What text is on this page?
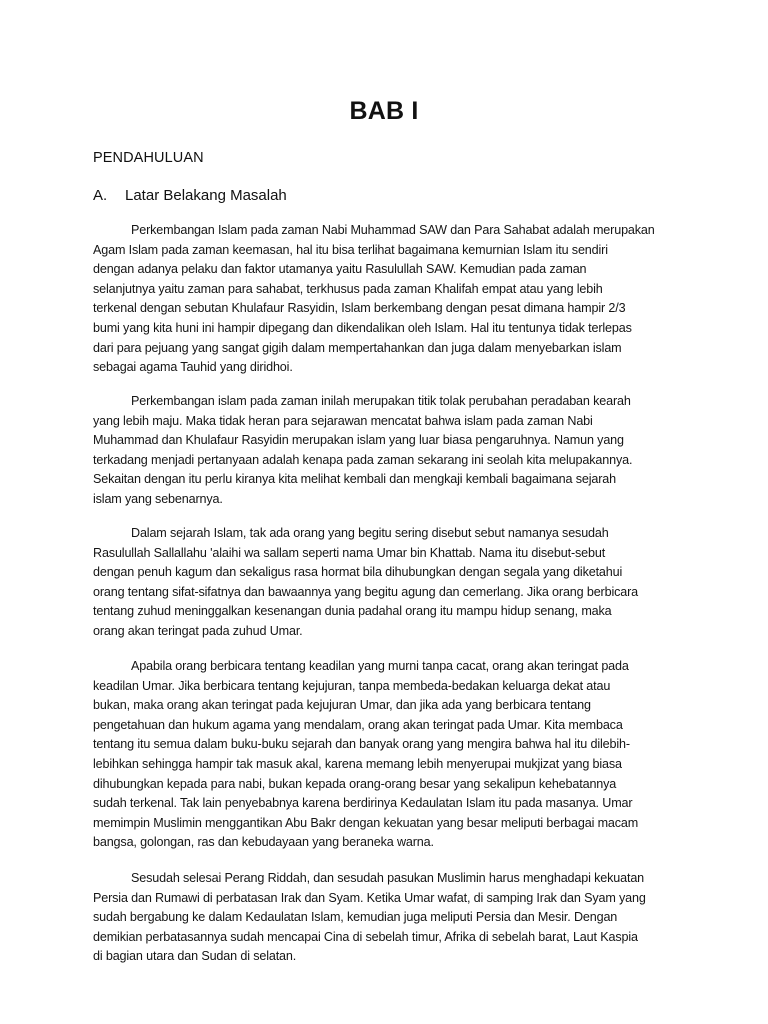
BAB I
PENDAHULUAN
A. Latar Belakang Masalah
Perkembangan Islam pada zaman Nabi Muhammad SAW dan Para Sahabat adalah merupakan
Agam Islam pada zaman keemasan, hal itu bisa terlihat bagaimana kemurnian Islam itu sendiri
dengan adanya pelaku dan faktor utamanya yaitu Rasulullah SAW. Kemudian pada zaman
selanjutnya yaitu zaman para sahabat, terkhusus pada zaman Khalifah empat atau yang lebih
terkenal dengan sebutan Khulafaur Rasyidin, Islam berkembang dengan pesat dimana hampir 2/3
bumi yang kita huni ini hampir dipegang dan dikendalikan oleh Islam. Hal itu tentunya tidak terlepas
dari para pejuang yang sangat gigih dalam mempertahankan dan juga dalam menyebarkan islam
sebagai agama Tauhid yang diridhoi.
Perkembangan islam pada zaman inilah merupakan titik tolak perubahan peradaban kearah
yang lebih maju. Maka tidak heran para sejarawan mencatat bahwa islam pada zaman Nabi
Muhammad dan Khulafaur Rasyidin merupakan islam yang luar biasa pengaruhnya. Namun yang
terkadang menjadi pertanyaan adalah kenapa pada zaman sekarang ini seolah kita melupakannya.
Sekaitan dengan itu perlu kiranya kita melihat kembali dan mengkaji kembali bagaimana sejarah
islam yang sebenarnya.
Dalam sejarah Islam, tak ada orang yang begitu sering disebut sebut namanya sesudah
Rasulullah Sallallahu 'alaihi wa sallam seperti nama Umar bin Khattab. Nama itu disebut-sebut
dengan penuh kagum dan sekaligus rasa hormat bila dihubungkan dengan segala yang diketahui
orang tentang sifat-sifatnya dan bawaannya yang begitu agung dan cemerlang. Jika orang berbicara
tentang zuhud meninggalkan kesenangan dunia padahal orang itu mampu hidup senang, maka
orang akan teringat pada zuhud Umar.
Apabila orang berbicara tentang keadilan yang murni tanpa cacat, orang akan teringat pada
keadilan Umar. Jika berbicara tentang kejujuran, tanpa membeda-bedakan keluarga dekat atau
bukan, maka orang akan teringat pada kejujuran Umar, dan jika ada yang berbicara tentang
pengetahuan dan hukum agama yang mendalam, orang akan teringat pada Umar. Kita membaca
tentang itu semua dalam buku-buku sejarah dan banyak orang yang mengira bahwa hal itu dilebih-
lebihkan sehingga hampir tak masuk akal, karena memang lebih menyerupai mukjizat yang biasa
dihubungkan kepada para nabi, bukan kepada orang-orang besar yang sekalipun kehebatannya
sudah terkenal. Tak lain penyebabnya karena berdirinya Kedaulatan Islam itu pada masanya. Umar
memimpin Muslimin menggantikan Abu Bakr dengan kekuatan yang besar meliputi berbagai macam
bangsa, golongan, ras dan kebudayaan yang beraneka warna.
Sesudah selesai Perang Riddah, dan sesudah pasukan Muslimin harus menghadapi kekuatan
Persia dan Rumawi di perbatasan Irak dan Syam. Ketika Umar wafat, di samping Irak dan Syam yang
sudah bergabung ke dalam Kedaulatan Islam, kemudian juga meliputi Persia dan Mesir. Dengan
demikian perbatasannya sudah mencapai Cina di sebelah timur, Afrika di sebelah barat, Laut Kaspia
di bagian utara dan Sudan di selatan.
